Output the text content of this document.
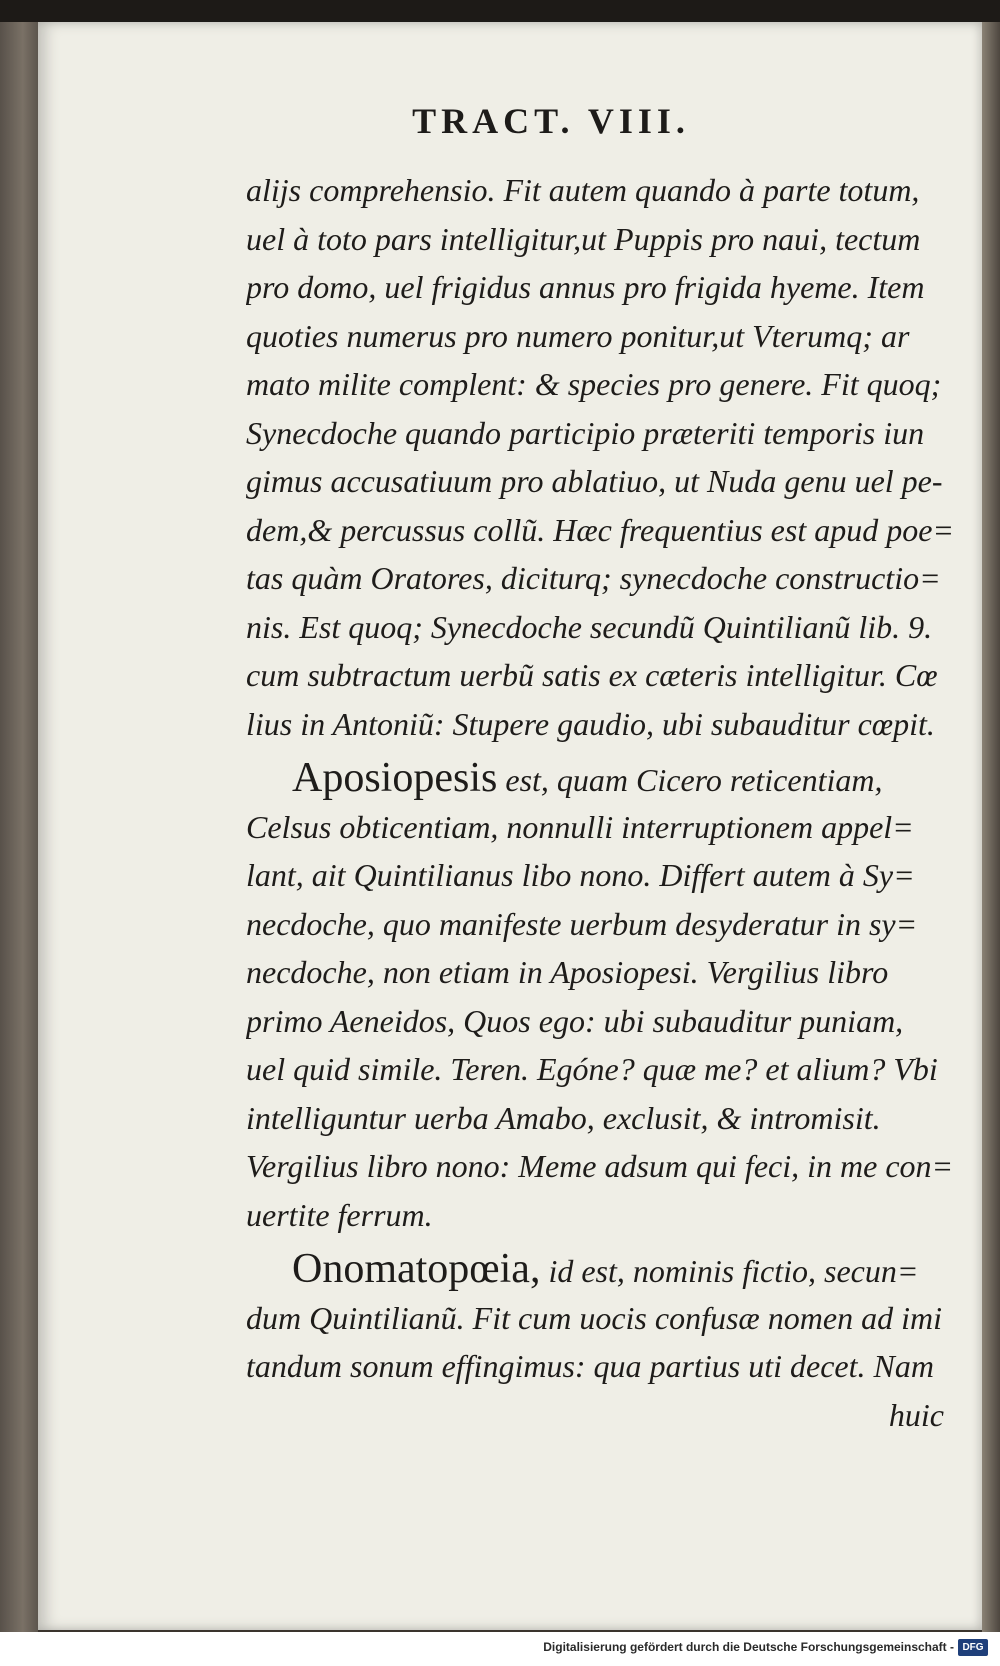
TRACT. VIII.
alijs comprehensio. Fit autem quando à parte totum,
uel à toto pars intelligitur,ut Puppis pro naui, tectum
pro domo, uel frigidus annus pro frigida hyeme. Item
quoties numerus pro numero ponitur,ut Vterumq; ar
mato milite complent: & species pro genere. Fit quoq;
Synecdoche quando participio præteriti temporis iun
gimus accusatiuum pro ablatiuo, ut Nuda genu uel pe-
dem,& percussus collũ. Hæc frequentius est apud poe=
tas quàm Oratores, diciturq; synecdoche constructio=
nis. Est quoq; Synecdoche secundũ Quintilianũ lib. 9.
cum subtractum uerbũ satis ex cæteris intelligitur. Cœ
lius in Antoniũ: Stupere gaudio, ubi subauditur cœpit.
Aposiopesis est, quam Cicero reticentiam,
Celsus obticentiam, nonnulli interruptionem appel=
lant, ait Quintilianus libo nono. Differt autem à Sy=
necdoche, quo manifeste uerbum desyderatur in sy=
necdoche, non etiam in Aposiopesi. Vergilius libro
primo Aeneidos, Quos ego: ubi subauditur puniam,
uel quid simile. Teren. Egóne? quæ me? et alium? Vbi
intelliguntur uerba Amabo, exclusit, & intromisit.
Vergilius libro nono: Meme adsum qui feci, in me con=
uertite ferrum.
Onomatopœia, id est, nominis fictio, secun=
dum Quintilianũ. Fit cum uocis confusæ nomen ad imi
tandum sonum effingimus: qua partius uti decet. Nam
huic
Digitalisierung gefördert durch die Deutsche Forschungsgemeinschaft - DFG
